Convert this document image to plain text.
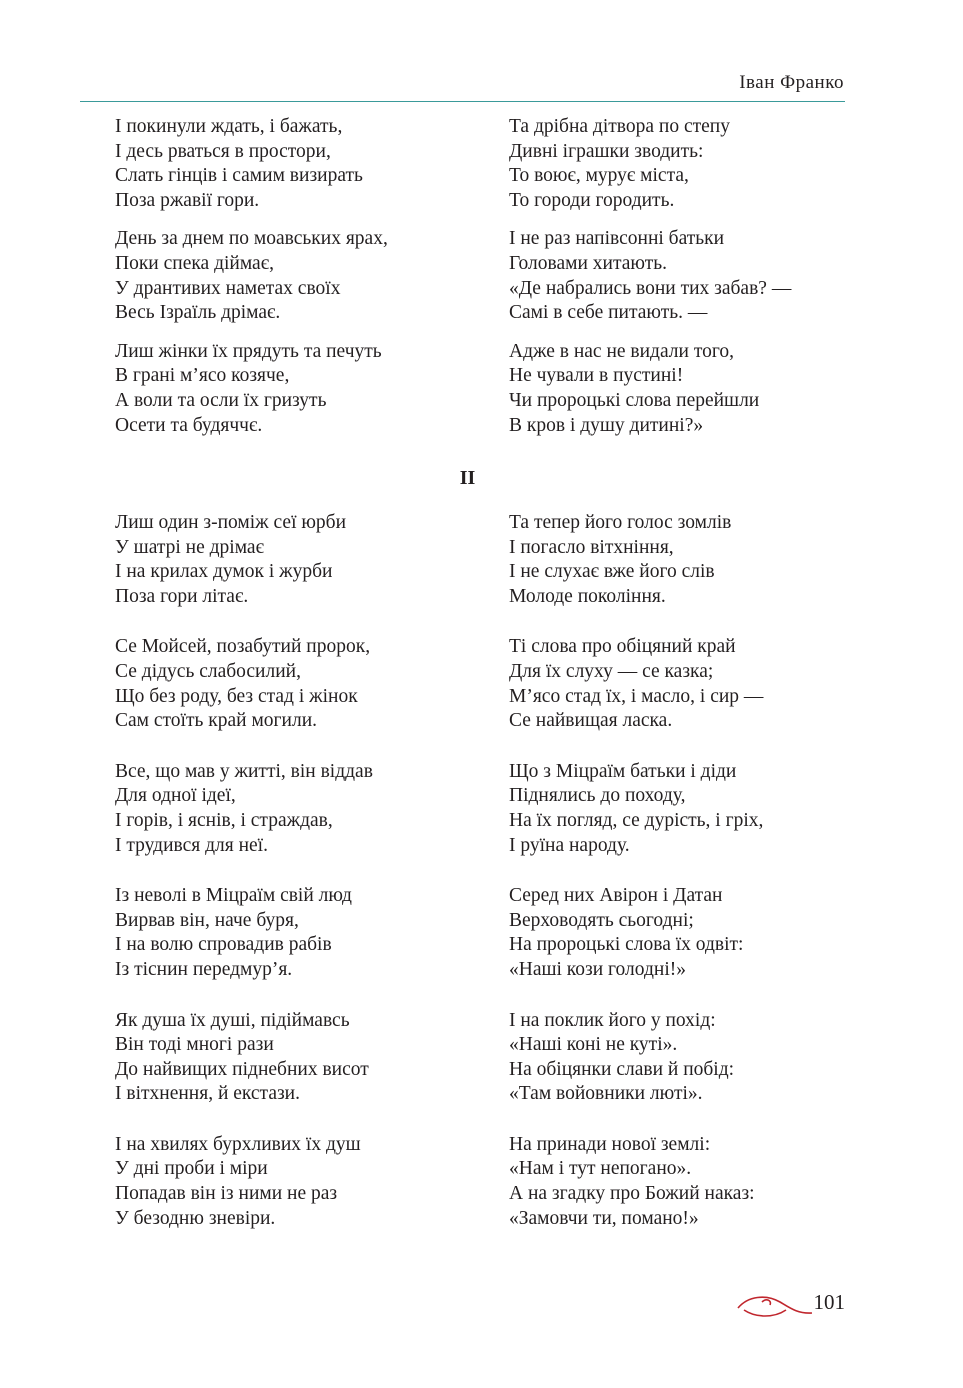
Іван Франко
І покинули ждать, і бажать,
І десь рваться в простори,
Слать гінців і самим визирать
Поза ржавії гори.
День за днем по моавських ярах,
Поки спека діймає,
У дрантивих наметах своїх
Весь Ізраїль дрімає.
Лиш жінки їх прядуть та печуть
В грані м’ясо козяче,
А воли та осли їх гризуть
Осети та будяччє.
Та дрібна дітвора по степу
Дивні іграшки зводить:
То воює, мурує міста,
То городи городить.
І не раз напівсонні батьки
Головами хитають.
«Де набрались вони тих забав? —
Самі в себе питають. —
Адже в нас не видали того,
Не чували в пустині!
Чи пророцькі слова перейшли
В кров і душу дитині?»
II
Лиш один з-поміж сеї юрби
У шатрі не дрімає
І на крилах думок і журби
Поза гори літає.
Се Мойсей, позабутий пророк,
Се дідусь слабосилий,
Що без роду, без стад і жінок
Сам стоїть край могили.
Все, що мав у житті, він віддав
Для одної ідеї,
І горів, і яснів, і страждав,
І трудився для неї.
Із неволі в Міцраїм свій люд
Вирвав він, наче буря,
І на волю спровадив рабів
Із тіснин передмур’я.
Як душа їх душі, підіймавсь
Він тоді многі рази
До найвищих піднебних висот
І вітхнення, й екстази.
І на хвилях бурхливих їх душ
У дні проби і міри
Попадав він із ними не раз
У безодню зневіри.
Та тепер його голос зомлів
І погасло вітхніння,
І не слухає вже його слів
Молоде покоління.
Ті слова про обіцяний край
Для їх слуху — се казка;
М’ясо стад їх, і масло, і сир —
Се найвищая ласка.
Що з Міцраїм батьки і діди
Піднялись до походу,
На їх погляд, се дурість, і гріх,
І руїна народу.
Серед них Авірон і Датан
Верховодять сьогодні;
На пророцькі слова їх одвіт:
«Наші кози голодні!»
І на поклик його у похід:
«Наші коні не куті».
На обіцянки слави й побід:
«Там войовники люті».
На принади нової землі:
«Нам і тут непогано».
А на згадку про Божий наказ:
«Замовчи ти, помано!»
101
